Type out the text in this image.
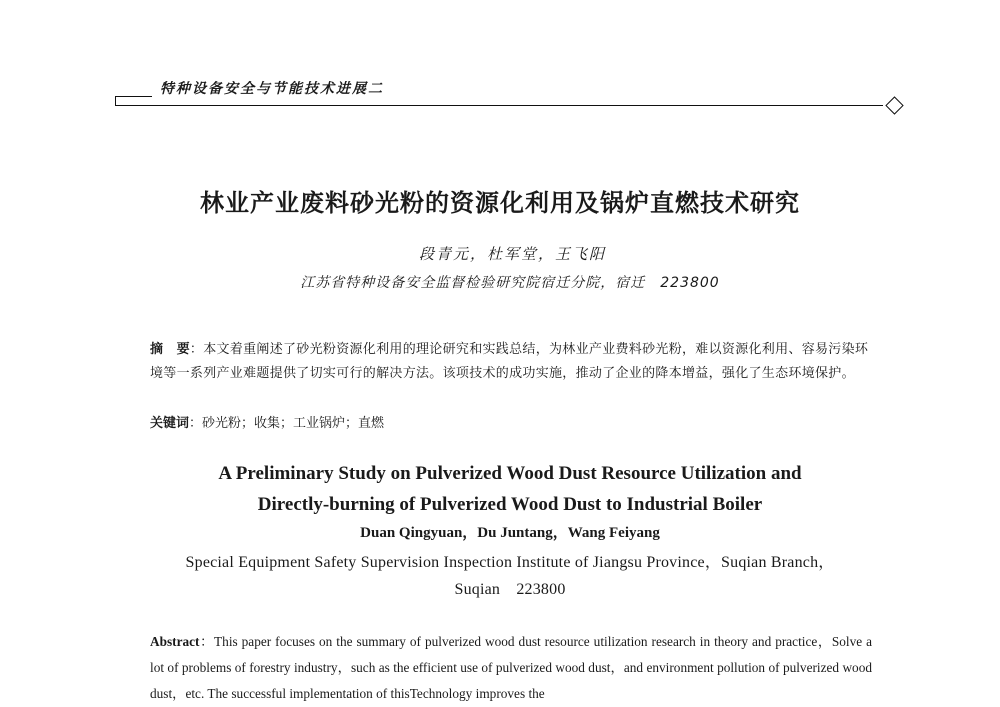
特种设备安全与节能技术进展二
林业产业废料砂光粉的资源化利用及锅炉直燃技术研究
段青元，杜军堂，王飞阳
江苏省特种设备安全监督检验研究院宿迁分院，宿迁　223800
摘　要：本文着重阐述了砂光粉资源化利用的理论研究和实践总结，为林业产业费料砂光粉，难以资源化利用、容易污染环境等一系列产业难题提供了切实可行的解决方法。该项技术的成功实施，推动了企业的降本增益，强化了生态环境保护。
关键词：砂光粉；收集；工业锅炉；直燃
A Preliminary Study on Pulverized Wood Dust Resource Utilization and
Directly-burning of Pulverized Wood Dust to Industrial Boiler
Duan Qingyuan，Du Juntang，Wang Feiyang
Special Equipment Safety Supervision Inspection Institute of Jiangsu Province，Suqian Branch，
Suqian　223800
Abstract：This paper focuses on the summary of pulverized wood dust resource utilization research in theory and practice，Solve a lot of problems of forestry industry，such as the efficient use of pulverized wood dust，and environment pollution of pulverized wood dust，etc. The successful implementation of thisTechnology improves the
